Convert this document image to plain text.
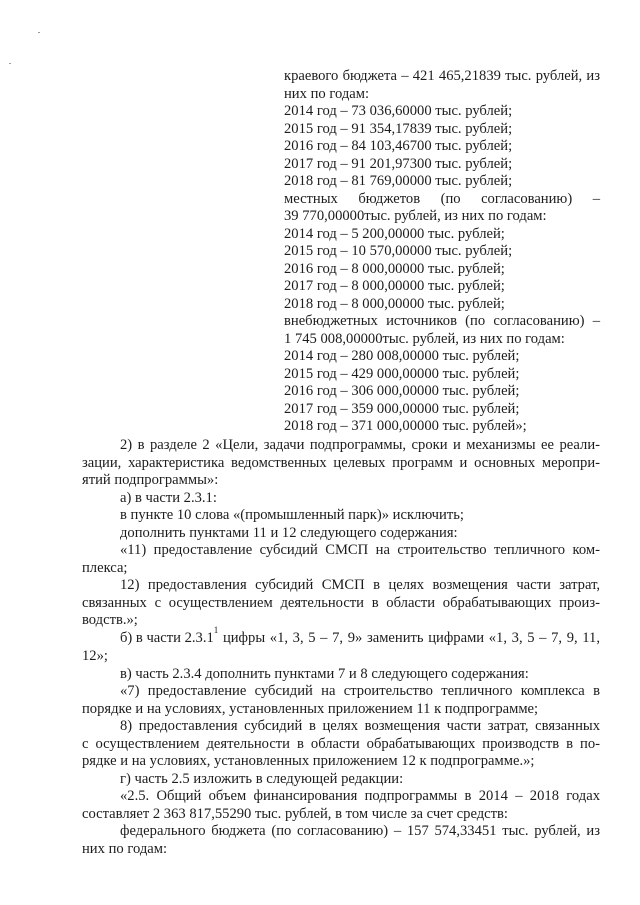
краевого бюджета – 421 465,21839 тыс. рублей, из
них по годам:
2014 год – 73 036,60000 тыс. рублей;
2015 год – 91 354,17839 тыс. рублей;
2016 год – 84 103,46700 тыс. рублей;
2017 год – 91 201,97300 тыс. рублей;
2018 год – 81 769,00000 тыс. рублей;
местных бюджетов (по согласованию) –
39 770,00000тыс. рублей, из них по годам:
2014 год – 5 200,00000 тыс. рублей;
2015 год – 10 570,00000 тыс. рублей;
2016 год – 8 000,00000 тыс. рублей;
2017 год – 8 000,00000 тыс. рублей;
2018 год – 8 000,00000 тыс. рублей;
внебюджетных источников (по согласованию) –
1 745 008,00000тыс. рублей, из них по годам:
2014 год – 280 008,00000 тыс. рублей;
2015 год – 429 000,00000 тыс. рублей;
2016 год – 306 000,00000 тыс. рублей;
2017 год – 359 000,00000 тыс. рублей;
2018 год – 371 000,00000 тыс. рублей»;
2) в разделе 2 «Цели, задачи подпрограммы, сроки и механизмы ее реали-
зации, характеристика ведомственных целевых программ и основных меропри-
ятий подпрограммы»:
а) в части 2.3.1:
в пункте 10 слова «(промышленный парк)» исключить;
дополнить пунктами 11 и 12 следующего содержания:
«11) предоставление субсидий СМСП на строительство тепличного ком-
плекса;
12) предоставления субсидий СМСП в целях возмещения части затрат,
связанных с осуществлением деятельности в области обрабатывающих произ-
водств.»;
б) в части 2.3.1 1 цифры «1, 3, 5 – 7, 9» заменить цифрами «1, 3, 5 – 7, 9, 11,
12»;
в) часть 2.3.4 дополнить пунктами 7 и 8 следующего содержания:
«7) предоставление субсидий на строительство тепличного комплекса в
порядке и на условиях, установленных приложением 11 к подпрограмме;
8) предоставления субсидий в целях возмещения части затрат, связанных
с осуществлением деятельности в области обрабатывающих производств в по-
рядке и на условиях, установленных приложением 12 к подпрограмме.»;
г) часть 2.5 изложить в следующей редакции:
«2.5. Общий объем финансирования подпрограммы в 2014 – 2018 годах
составляет 2 363 817,55290 тыс. рублей, в том числе за счет средств:
федерального бюджета (по согласованию) – 157 574,33451 тыс. рублей, из
них по годам:
